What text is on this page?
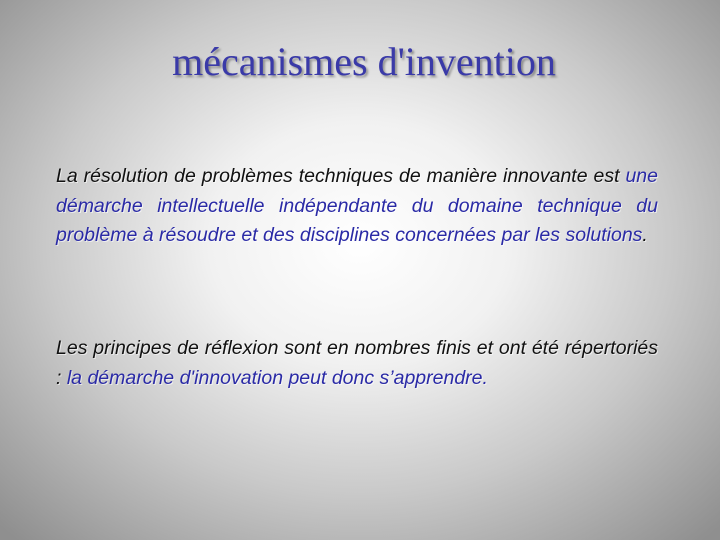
mécanismes d'invention

La résolution de problèmes techniques de manière innovante est une démarche intellectuelle indépendante du domaine technique du problème à résoudre et des disciplines concernées par les solutions.

Les principes de réflexion sont en nombres finis et ont été répertoriés : la démarche d'innovation peut donc s’apprendre.
